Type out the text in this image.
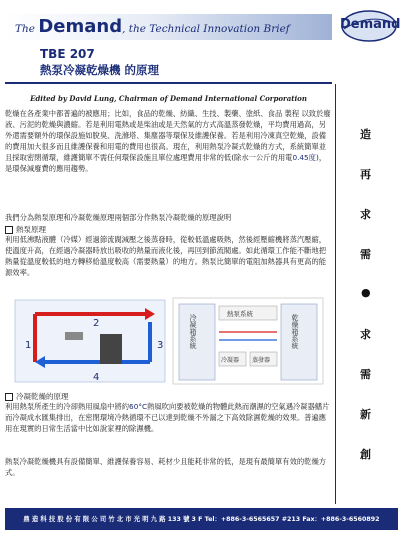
The Demand, the Technical Innovation Brief	Demand
TBE 207
熱泵冷凝乾燥機 的原理
Edited by David Lung, Chairman of Demand International Corporation
乾燥在各產業中都普遍的被應用；比如，食品的乾燥、紡織、生技、製藥、塗紙、食品 製程 以致於廢液、污泥的乾燥與濃縮。若是利用電熱或是柴油或是天然氣的方式高溫蒸發乾燥，平均費用過高，另外還需要額外的環保設施如脫臭、洗滌塔、集塵器等環保及維護保養。若是利用冷凍真空乾燥，設備的費用加大很多而且維護保養和用電的費用也很高。現在，利用熱泵冷凝式乾燥的方式，系統簡單並且採取密閉循環，維護簡單不需任何環保設施且單位處理費用非常的低(除水一公斤的用電0.45度)，是環保減廢費的應用趨勢。
我們分為熱泵原理和冷凝乾燥原理兩個部分作熱泵冷凝乾燥的原理說明
熱泵原理
利用低沸點液體（冷媒）經過節流閥減壓之後蒸發時，從較低溫處吸熱，然後經壓縮機將蒸汽壓縮，使溫度升高，在經過冷凝器時放出吸收的熱量而液化後，再回到節流閥處。如此循環工作能不斷地把熱量從溫度較低的地方轉移給溫度較高（需要熱量）的地方。熱泵比簡單的電阻加熱器具有更高的能源效率。
2
1	3
4
冷凝箱系統	乾燥箱系統
熱泵系統
冷凝器 蒸發器
冷凝乾燥的原理
利用熱泵所產生的冷卻熱用風扇中將約60°C熱風吹向要被乾燥的物體此熱而潮濕的空氣遇冷凝器鰭片而冷凝成水匯集排出，在密閉環境冷熱循環不已以達到乾燥不外漏之下高效除濕乾燥的效果。普遍應用在現實的日常生活當中比如說家裡的除濕機。
熱泵冷凝乾燥機具有設備簡單、維護保養容易、耗材少且能耗非常的低，是現有最簡單有效的乾燥方式。
造
再
求
需
●
求
需
新
創
鼎 造 科 技 股 份 有 限 公 司 竹 北 市 光 明 九 路 133 號 3 F Tel：+886-3-6565657 #213 Fax：+886-3-6560892
